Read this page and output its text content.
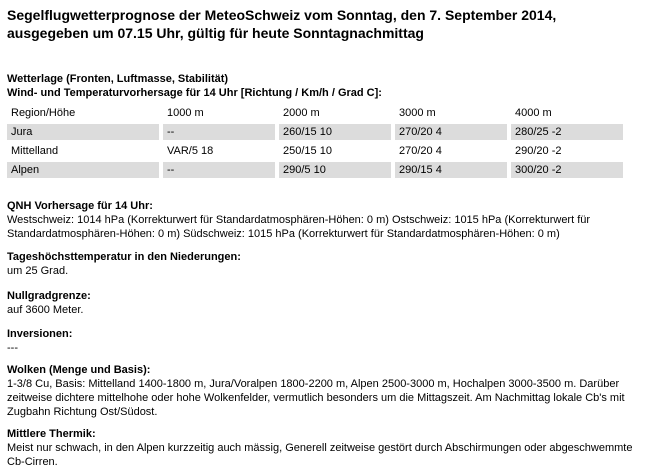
Segelflugwetterprognose der MeteoSchweiz vom Sonntag, den 7. September 2014, ausgegeben um 07.15 Uhr, gültig für heute Sonntagnachmittag
Wetterlage (Fronten, Luftmasse, Stabilität)
Wind- und Temperaturvorhersage für 14 Uhr [Richtung / Km/h / Grad C]:
Region/Höhe	1000 m	2000 m	3000 m	4000 m
Jura	--	260/15 10	270/20 4	280/25 -2
Mittelland	VAR/5 18	250/15 10	270/20 4	290/20 -2
Alpen	--	290/5 10	290/15 4	300/20 -2
QNH Vorhersage für 14 Uhr:
Westschweiz: 1014 hPa (Korrekturwert für Standardatmosphären-Höhen: 0 m) Ostschweiz: 1015 hPa (Korrekturwert für Standardatmosphären-Höhen: 0 m) Südschweiz: 1015 hPa (Korrekturwert für Standardatmosphären-Höhen: 0 m)
Tageshöchsttemperatur in den Niederungen:
um 25 Grad.
Nullgradgrenze:
auf 3600 Meter.
Inversionen:
---
Wolken (Menge und Basis):
1-3/8 Cu, Basis: Mittelland 1400-1800 m, Jura/Voralpen 1800-2200 m, Alpen 2500-3000 m, Hochalpen 3000-3500 m. Darüber zeitweise dichtere mittelhohe oder hohe Wolkenfelder, vermutlich besonders um die Mittagszeit. Am Nachmittag lokale Cb's mit Zugbahn Richtung Ost/Südost.
Mittlere Thermik:
Meist nur schwach, in den Alpen kurzzeitig auch mässig, Generell zeitweise gestört durch Abschirmungen oder abgeschwemmte Cb-Cirren.
